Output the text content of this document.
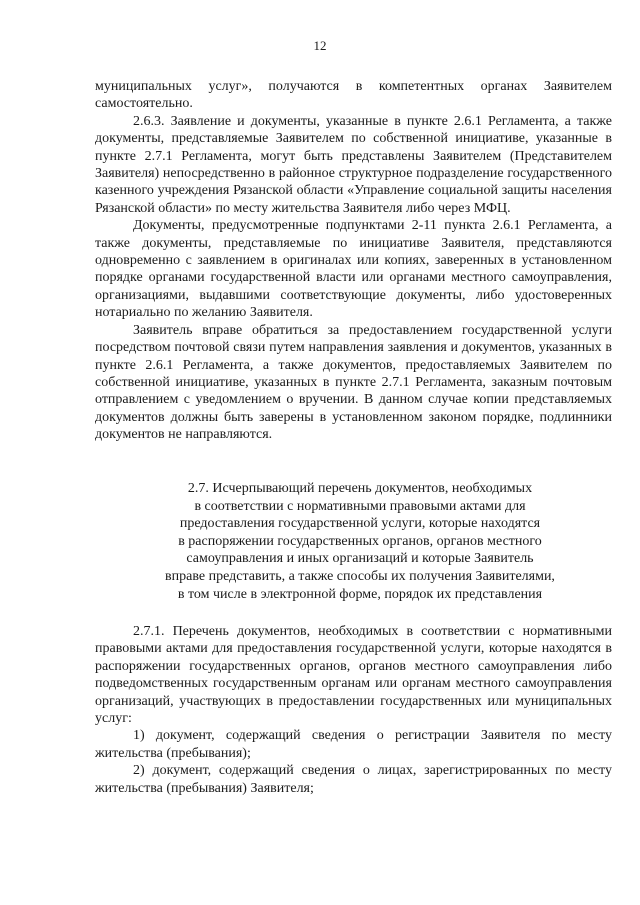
12

муниципальных услуг», получаются в компетентных органах Заявителем самостоятельно.

2.6.3. Заявление и документы, указанные в пункте 2.6.1 Регламента, а также документы, представляемые Заявителем по собственной инициативе, указанные в пункте 2.7.1 Регламента, могут быть представлены Заявителем (Представителем Заявителя) непосредственно в районное структурное подразделение государственного казенного учреждения Рязанской области «Управление социальной защиты населения Рязанской области» по месту жительства Заявителя либо через МФЦ.

Документы, предусмотренные подпунктами 2-11 пункта 2.6.1 Регламента, а также документы, представляемые по инициативе Заявителя, представляются одновременно с заявлением в оригиналах или копиях, заверенных в установленном порядке органами государственной власти или органами местного самоуправления, организациями, выдавшими соответствующие документы, либо удостоверенных нотариально по желанию Заявителя.

Заявитель вправе обратиться за предоставлением государственной услуги посредством почтовой связи путем направления заявления и документов, указанных в пункте 2.6.1 Регламента, а также документов, предоставляемых Заявителем по собственной инициативе, указанных в пункте 2.7.1 Регламента, заказным почтовым отправлением с уведомлением о вручении. В данном случае копии представляемых документов должны быть заверены в установленном законом порядке, подлинники документов не направляются.

2.7. Исчерпывающий перечень документов, необходимых
в соответствии с нормативными правовыми актами для
предоставления государственной услуги, которые находятся
в распоряжении государственных органов, органов местного
самоуправления и иных организаций и которые Заявитель
вправе представить, а также способы их получения Заявителями,
в том числе в электронной форме, порядок их представления

2.7.1. Перечень документов, необходимых в соответствии с нормативными правовыми актами для предоставления государственной услуги, которые находятся в распоряжении государственных органов, органов местного самоуправления либо подведомственных государственным органам или органам местного самоуправления организаций, участвующих в предоставлении государственных или муниципальных услуг:

1) документ, содержащий сведения о регистрации Заявителя по месту жительства (пребывания);

2) документ, содержащий сведения о лицах, зарегистрированных по месту жительства (пребывания) Заявителя;
